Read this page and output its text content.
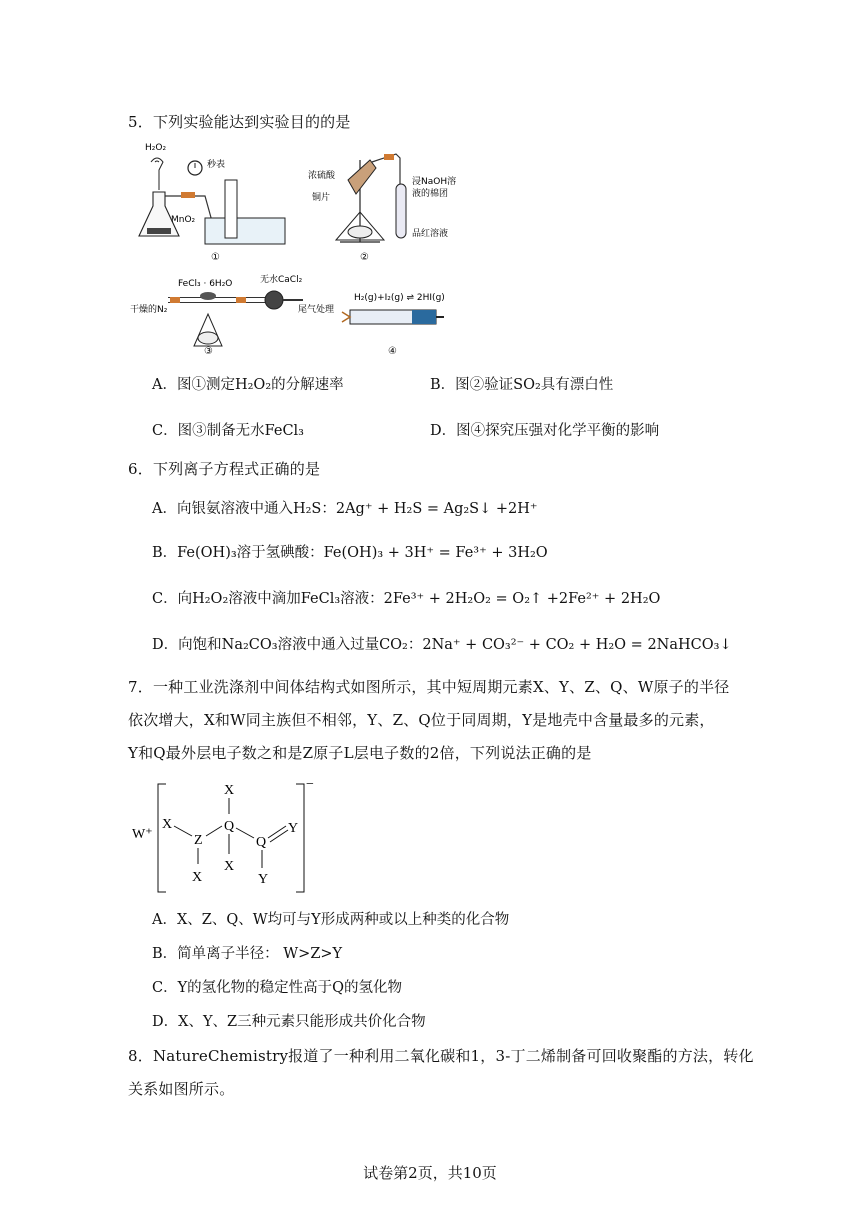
5．下列实验能达到实验目的的是
H₂O₂
MnO₂
秒表
①
浓硫酸
铜片
浸NaOH溶
液的棉团
品红溶液
②
FeCl₃ · 6H₂O	无水CaCl₂
干燥的N₂	尾气处理
③
H₂(g)+I₂(g) ⇌ 2HI(g)
④
A．图①测定H₂O₂的分解速率	B．图②验证SO₂具有漂白性
C．图③制备无水FeCl₃	D．图④探究压强对化学平衡的影响
6．下列离子方程式正确的是
A．向银氨溶液中通入H₂S：2Ag⁺ + H₂S = Ag₂S↓ +2H⁺
B．Fe(OH)₃溶于氢碘酸：Fe(OH)₃ + 3H⁺ = Fe³⁺ + 3H₂O
C．向H₂O₂溶液中滴加FeCl₃溶液：2Fe³⁺ + 2H₂O₂ = O₂↑ +2Fe²⁺ + 2H₂O
D．向饱和Na₂CO₃溶液中通入过量CO₂：2Na⁺ + CO₃²⁻ + CO₂ + H₂O = 2NaHCO₃↓
7．一种工业洗涤剂中间体结构式如图所示，其中短周期元素X、Y、Z、Q、W原子的半径
依次增大，X和W同主族但不相邻，Y、Z、Q位于同周期，Y是地壳中含量最多的元素，
Y和Q最外层电子数之和是Z原子L层电子数的2倍，下列说法正确的是
W⁺
−
X
Z
X
X
Q
X
Q
Y
Y
A．X、Z、Q、W均可与Y形成两种或以上种类的化合物
B．简单离子半径： W>Z>Y
C．Y的氢化物的稳定性高于Q的氢化物
D．X、Y、Z三种元素只能形成共价化合物
8．NatureChemistry报道了一种利用二氧化碳和1，3-丁二烯制备可回收聚酯的方法，转化
关系如图所示。
试卷第2页，共10页
